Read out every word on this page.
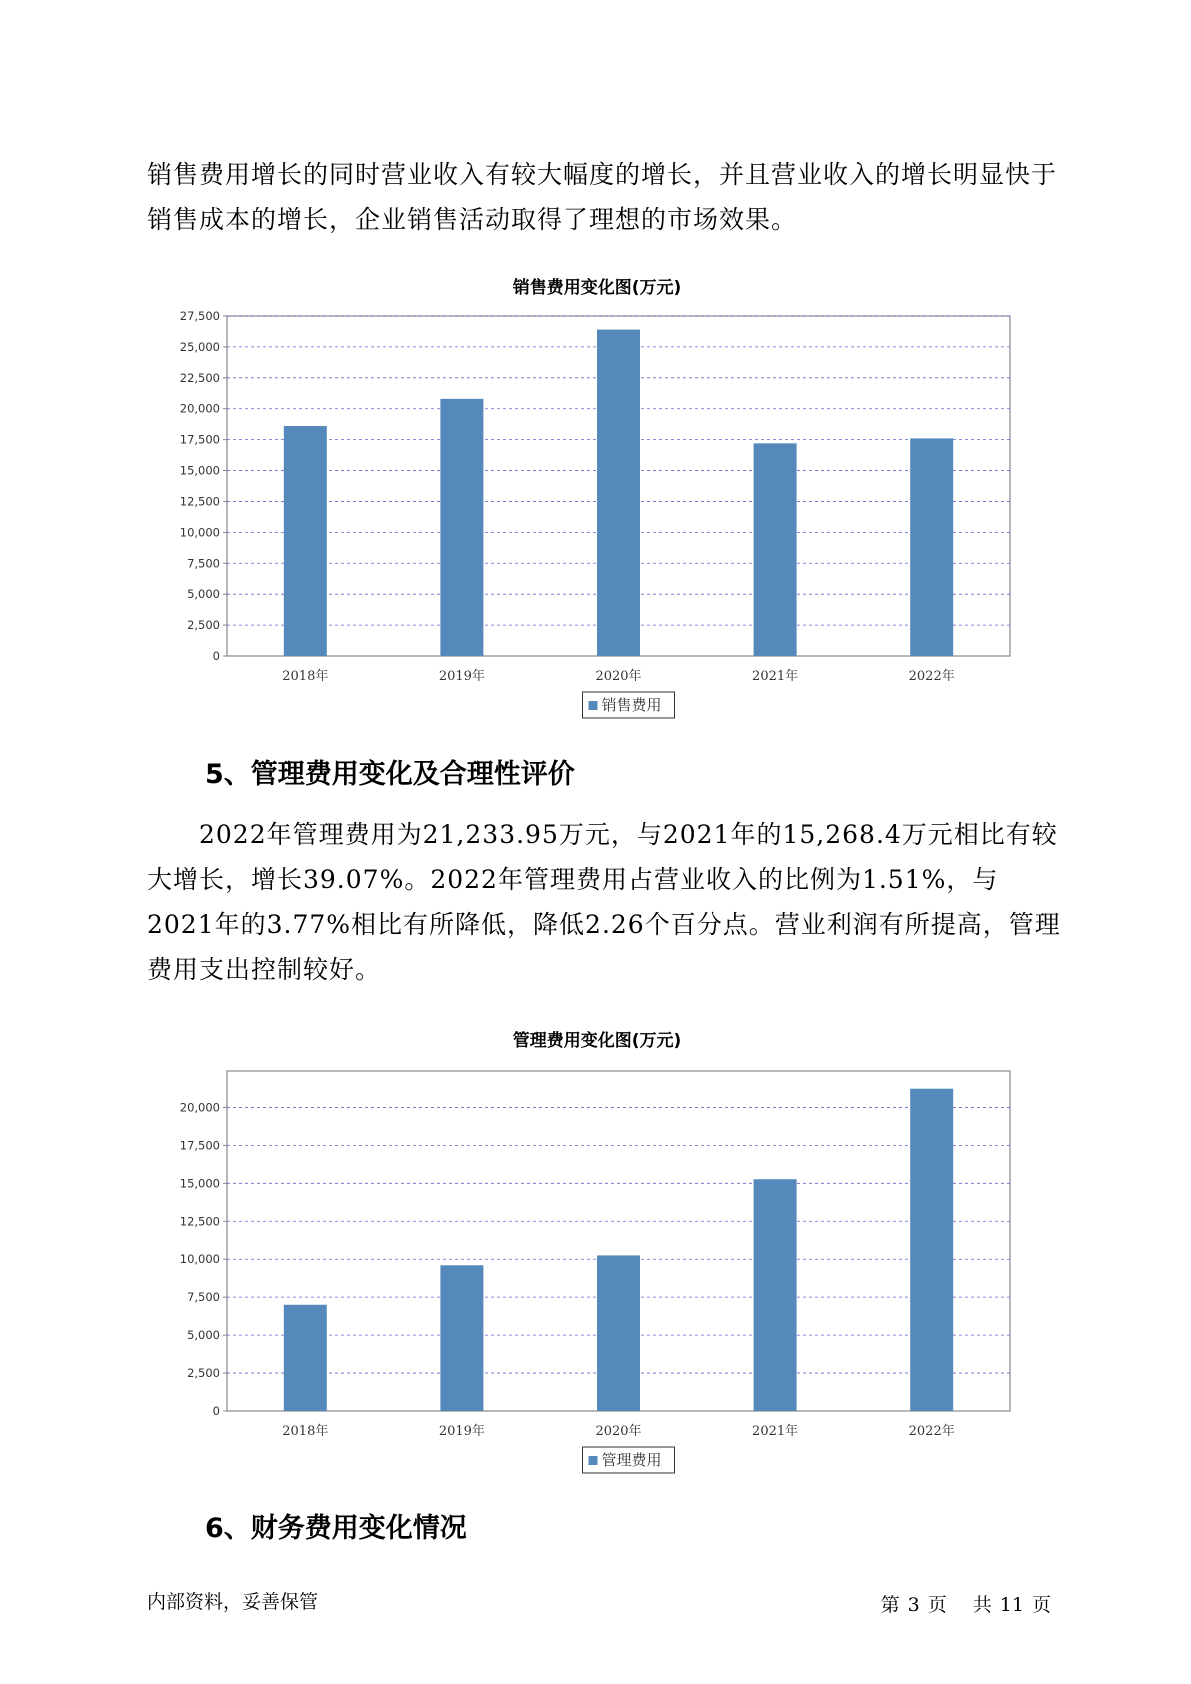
销售费用增长的同时营业收入有较大幅度的增长，并且营业收入的增长明显快于销售成本的增长，企业销售活动取得了理想的市场效果。

销售费用变化图(万元)

0
2,500
5,000
7,500
10,000
12,500
15,000
17,500
20,000
22,500
25,000
27,500
2018年	2019年	2020年	2021年	2022年
销售费用
5、管理费用变化及合理性评价

2022年管理费用为21,233.95万元，与2021年的15,268.4万元相比有较大增长，增长39.07%。2022年管理费用占营业收入的比例为1.51%，与2021年的3.77%相比有所降低，降低2.26个百分点。营业利润有所提高，管理费用支出控制较好。

管理费用变化图(万元)

0
2,500
5,000
7,500
10,000
12,500
15,000
17,500
20,000
2018年	2019年	2020年	2021年	2022年
管理费用
6、财务费用变化情况

内部资料，妥善保管	第 3 页 共 11 页
